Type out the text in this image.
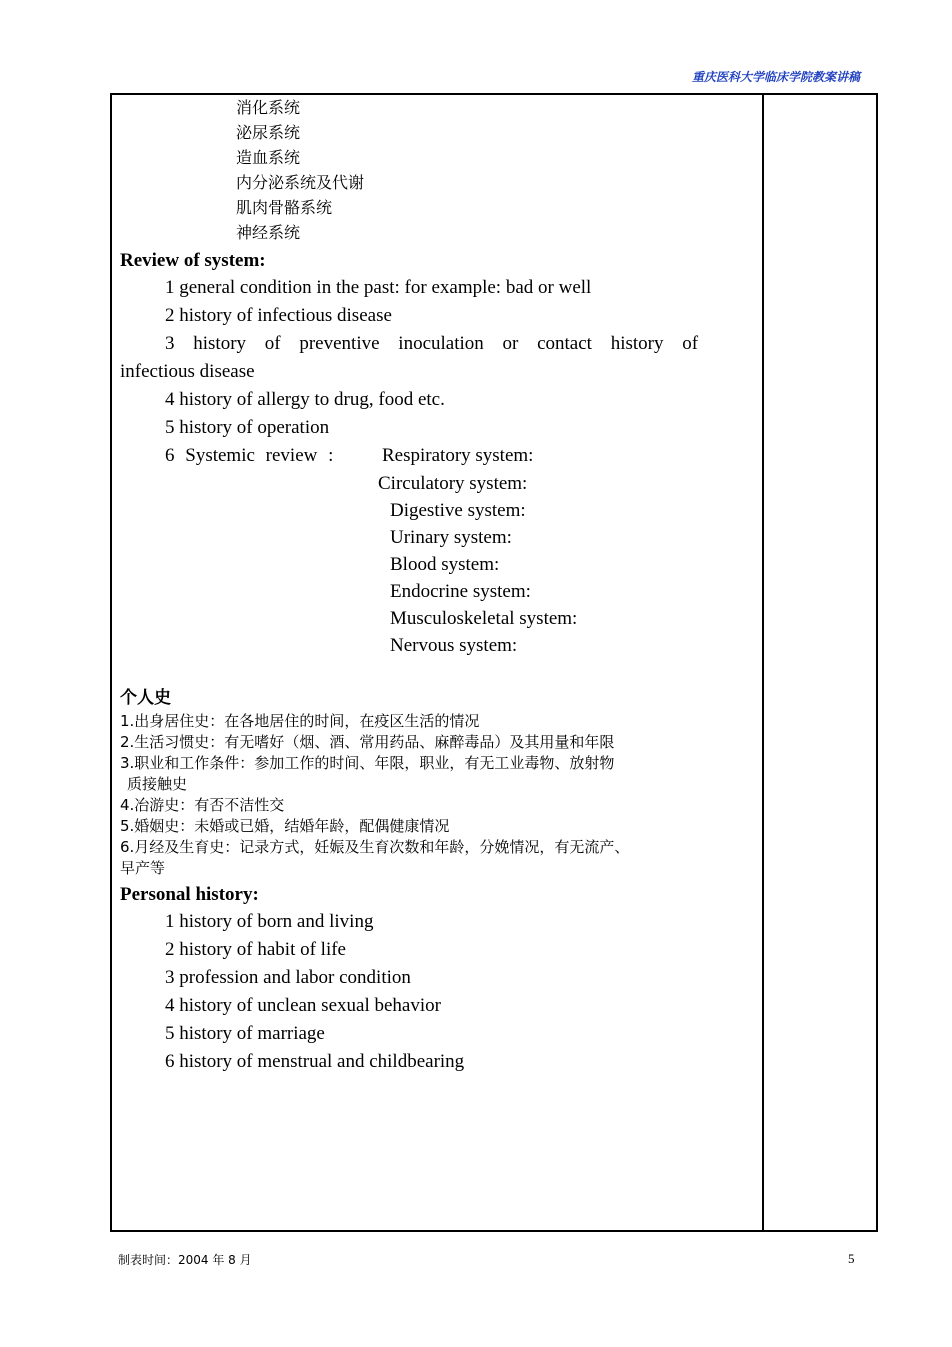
重庆医科大学临床学院教案讲稿
消化系统
泌尿系统
造血系统
内分泌系统及代谢
肌肉骨骼系统
神经系统
Review of system:
1 general condition in the past: for example: bad or well
2 history of infectious disease
3 history of preventive inoculation or contact history of
infectious disease
4 history of allergy to drug, food etc.
5 history of operation
6 Systemic review :	Respiratory system:
Circulatory system:
Digestive system:
Urinary system:
Blood system:
Endocrine system:
Musculoskeletal system:
Nervous system:
个人史
1.出身居住史：在各地居住的时间，在疫区生活的情况
2.生活习惯史：有无嗜好（烟、酒、常用药品、麻醉毒品）及其用量和年限
3.职业和工作条件：参加工作的时间、年限，职业，有无工业毒物、放射物
质接触史
4.冶游史：有否不洁性交
5.婚姻史：未婚或已婚，结婚年龄，配偶健康情况
6.月经及生育史：记录方式，妊娠及生育次数和年龄，分娩情况，有无流产、
早产等
Personal history:
1 history of born and living
2 history of habit of life
3 profession and labor condition
4 history of unclean sexual behavior
5 history of marriage
6 history of menstrual and childbearing
制表时间：2004 年 8 月	5
